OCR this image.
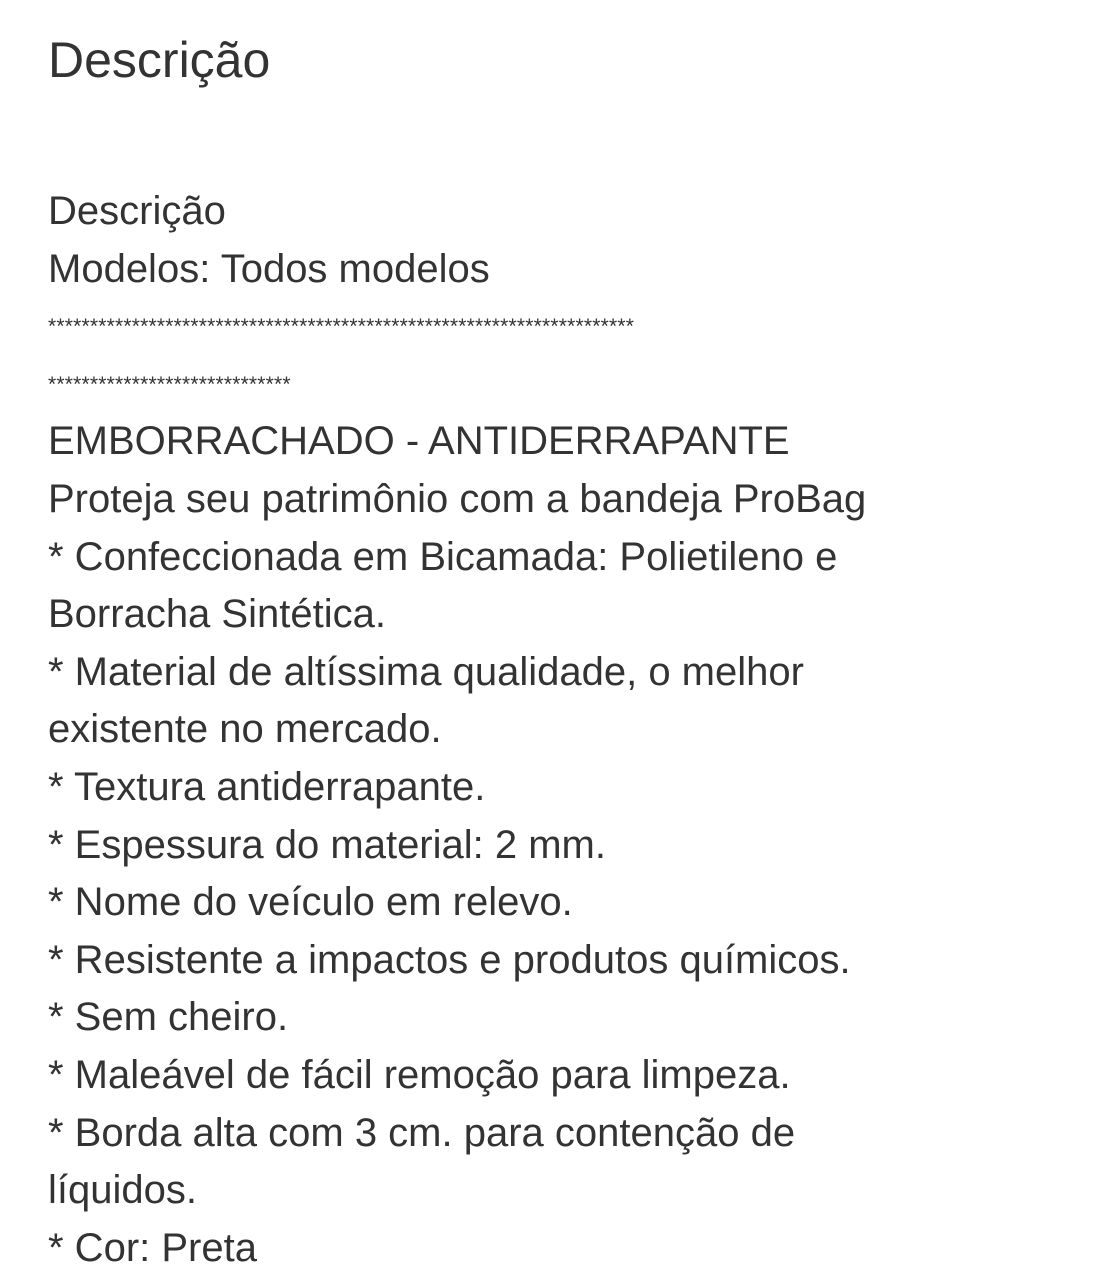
Descrição
Descrição
Modelos: Todos modelos
**********************************************************************
*****************************
EMBORRACHADO - ANTIDERRAPANTE
Proteja seu patrimônio com a bandeja ProBag
* Confeccionada em Bicamada: Polietileno e
Borracha Sintética.
* Material de altíssima qualidade, o melhor
existente no mercado.
* Textura antiderrapante.
* Espessura do material: 2 mm.
* Nome do veículo em relevo.
* Resistente a impactos e produtos químicos.
* Sem cheiro.
* Maleável de fácil remoção para limpeza.
* Borda alta com 3 cm. para contenção de
líquidos.
* Cor: Preta
